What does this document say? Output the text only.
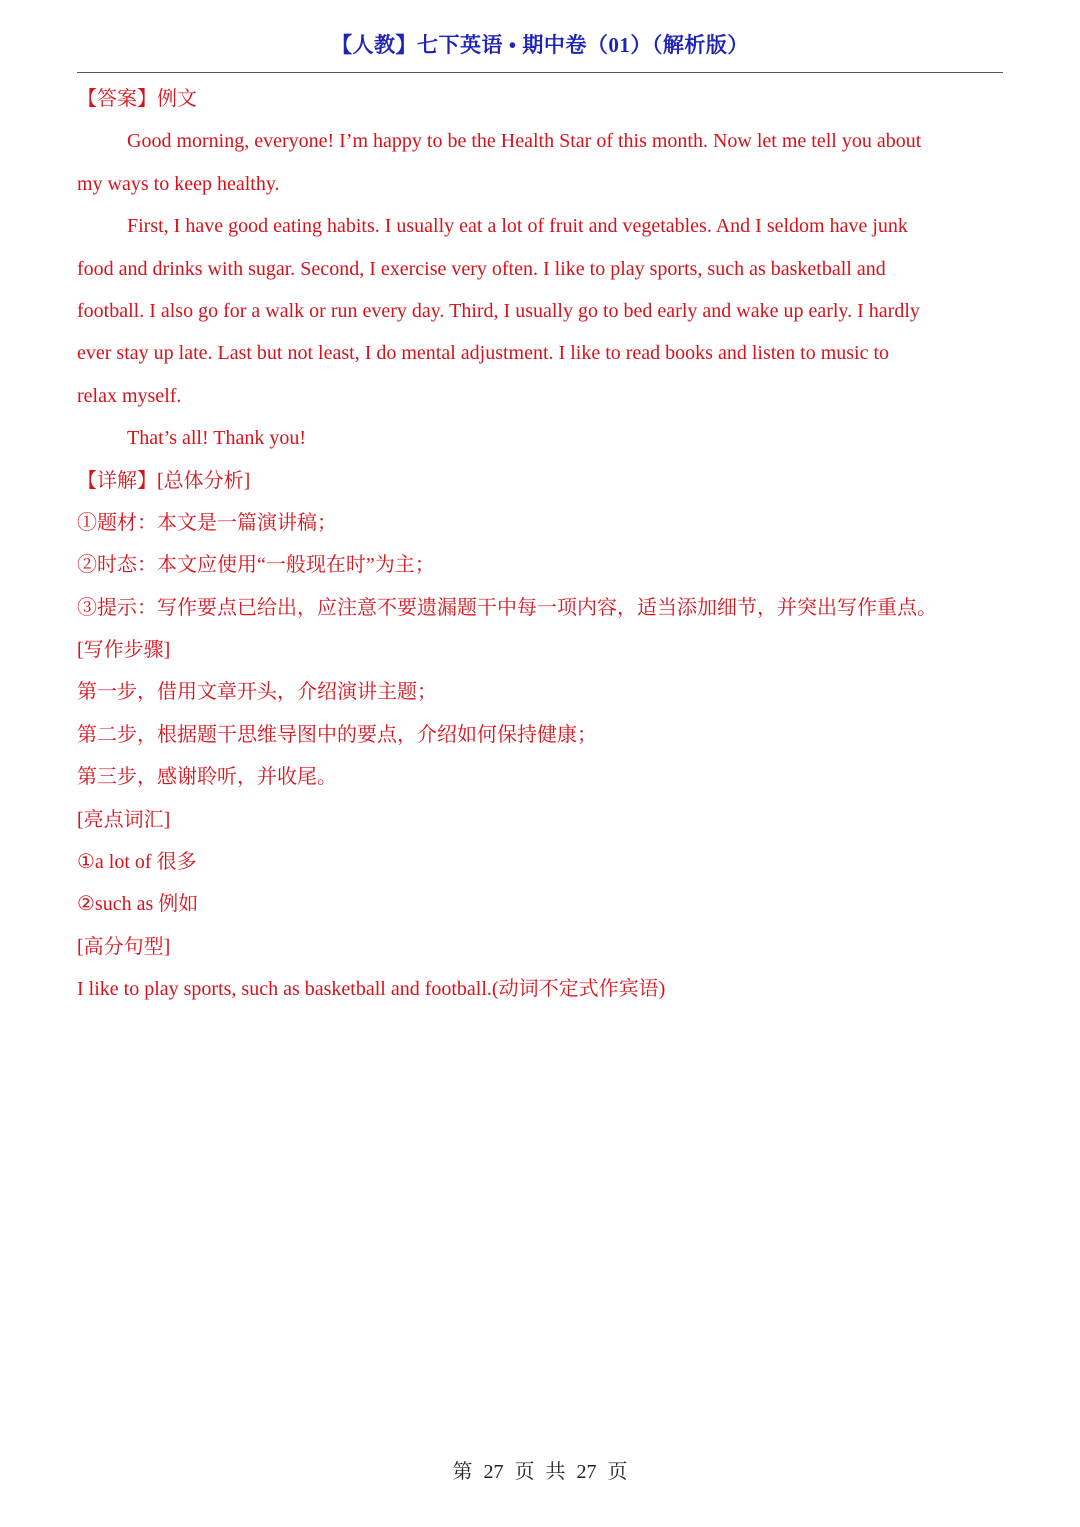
【人教】七下英语 • 期中卷（01）（解析版）
【答案】例文
Good morning, everyone! I’m happy to be the Health Star of this month. Now let me tell you about
my ways to keep healthy.
First, I have good eating habits. I usually eat a lot of fruit and vegetables. And I seldom have junk
food and drinks with sugar. Second, I exercise very often. I like to play sports, such as basketball and
football. I also go for a walk or run every day. Third, I usually go to bed early and wake up early. I hardly
ever stay up late. Last but not least, I do mental adjustment. I like to read books and listen to music to
relax myself.
That’s all! Thank you!
【详解】[总体分析]
①题材：本文是一篇演讲稿；
②时态：本文应使用“一般现在时”为主；
③提示：写作要点已给出，应注意不要遗漏题干中每一项内容，适当添加细节，并突出写作重点。
[写作步骤]
第一步，借用文章开头，介绍演讲主题；
第二步，根据题干思维导图中的要点，介绍如何保持健康；
第三步，感谢聆听，并收尾。
[亮点词汇]
①a lot of 很多
②such as 例如
[高分句型]
I like to play sports, such as basketball and football.(动词不定式作宾语)
第 27 页 共 27 页
